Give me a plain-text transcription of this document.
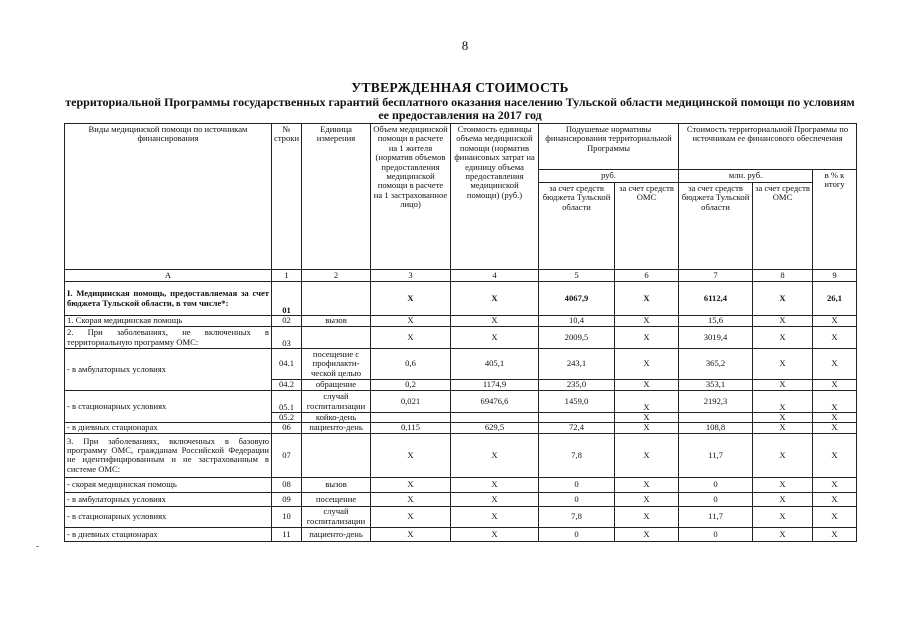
8
УТВЕРЖДЕННАЯ СТОИМОСТЬ
территориальной Программы государственных гарантий бесплатного оказания населению Тульской области медицинской помощи по условиям ее предоставления на 2017 год
Виды медицинской помощи по источникам финансирования	№ строки	Единица измерения	Объем медицинской помощи в расчете на 1 жителя (норматив объемов предоставления медицинской помощи в расчете на 1 застрахованное лицо)	Стоимость единицы объема медицинской помощи (норматив финансовых затрат на единицу объема предоставления медицинской помощи) (руб.)	Подушевые нормативы финансирования территориальной Программы		Стоимость территориальной Программы по источникам ее финансового обеспечения		
					руб.		млн. руб.		в % к итогу
					за счет средств бюджета Тульской области	за счет средств ОМС	за счет средств бюджета Тульской области	за счет средств ОМС	
А	1	2	3	4	5	6	7	8	9
I. Медицинская помощь, предоставляемая за счет бюджета Тульской области, в том числе*:	01		Х	Х	4067,9	Х	6112,4	Х	26,1
1. Скорая медицинская помощь	02	вызов	Х	Х	10,4	Х	15,6	Х	Х
2. При заболеваниях, не включенных в территориальную программу ОМС:	03		Х	Х	2009,5	Х	3019,4	Х	Х
- в амбулаторных условиях	04.1	посещение с профилакти-ческой целью	0,6	405,1	243,1	Х	365,2	Х	Х
	04.2	обращение	0,2	1174,9	235,0	Х	353,1	Х	Х
- в стационарных условиях	05.1	случай госпитализации	0,021	69476,6	1459,0	Х	2192,3	Х	Х
	05.2	койко-день				Х		Х	Х
- в дневных стационарах	06	пациенто-день	0,115	629,5	72,4	Х	108,8	Х	Х
3. При заболеваниях, включенных в базовую программу ОМС, гражданам Российской Федерации не идентифицированным и не застрахованным в системе ОМС:	07		Х	Х	7,8	Х	11,7	Х	Х
- скорая медицинская помощь	08	вызов	Х	Х	0	Х	0	Х	Х
- в амбулаторных условиях	09	посещение	Х	Х	0	Х	0	Х	Х
- в стационарных условиях	10	случай госпитализации	Х	Х	7,8	Х	11,7	Х	Х
- в дневных стационарах	11	пациенто-день	Х	Х	0	Х	0	Х	Х
